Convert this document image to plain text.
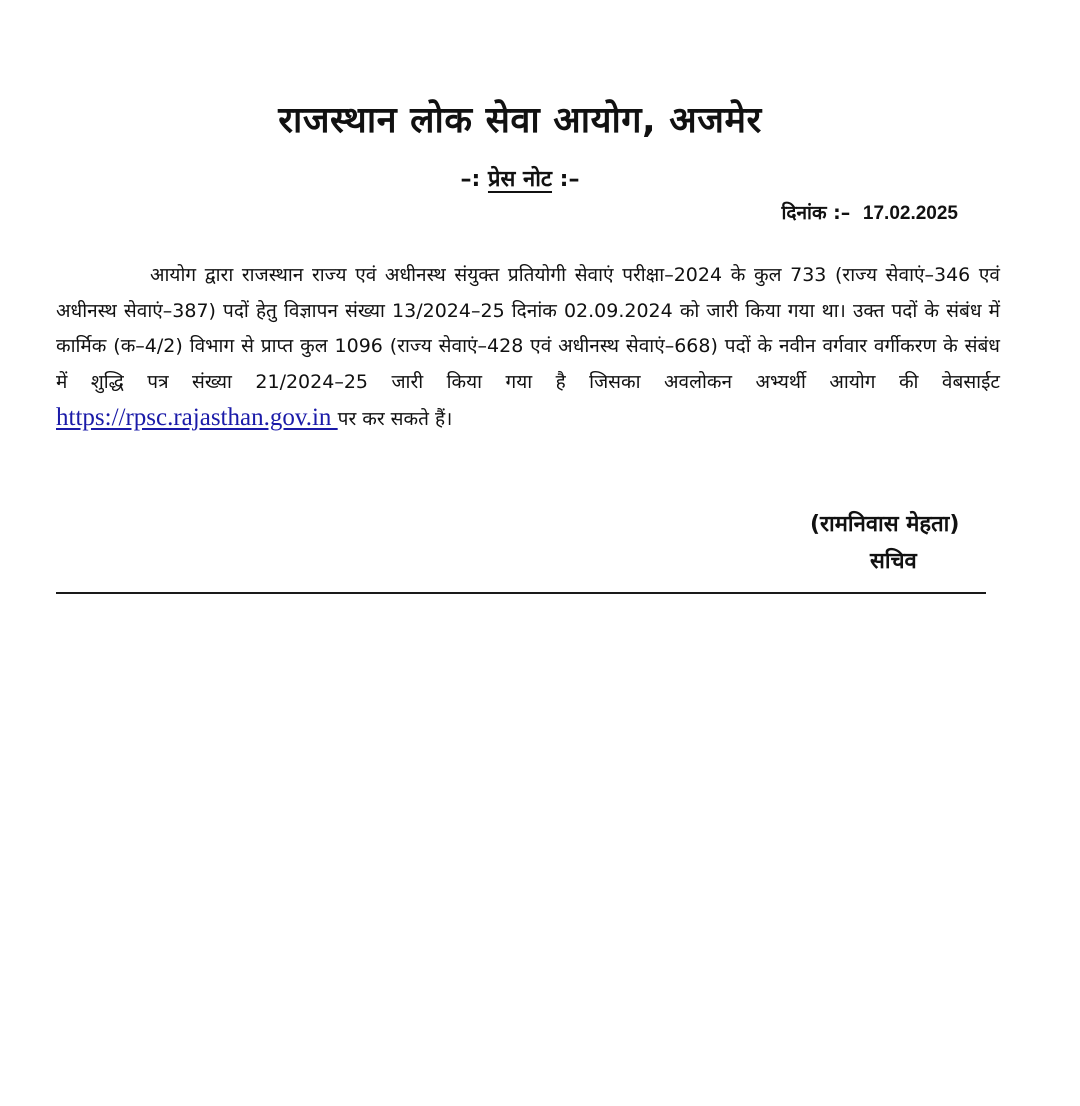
राजस्थान लोक सेवा आयोग, अजमेर
–: प्रेस नोट :–
दिनांक :– 17.02.2025
आयोग द्वारा राजस्थान राज्य एवं अधीनस्थ संयुक्त प्रतियोगी सेवाएं परीक्षा–2024 के कुल 733 (राज्य सेवाएं–346 एवं अधीनस्थ सेवाएं–387) पदों हेतु विज्ञापन संख्या 13/2024–25 दिनांक 02.09.2024 को जारी किया गया था। उक्त पदों के संबंध में कार्मिक (क–4/2) विभाग से प्राप्त कुल 1096 (राज्य सेवाएं–428 एवं अधीनस्थ सेवाएं–668) पदों के नवीन वर्गवार वर्गीकरण के संबंध में शुद्धि पत्र संख्या 21/2024–25 जारी किया गया है जिसका अवलोकन अभ्यर्थी आयोग की वेबसाईट https://rpsc.rajasthan.gov.in पर कर सकते हैं।
(रामनिवास मेहता)
सचिव
